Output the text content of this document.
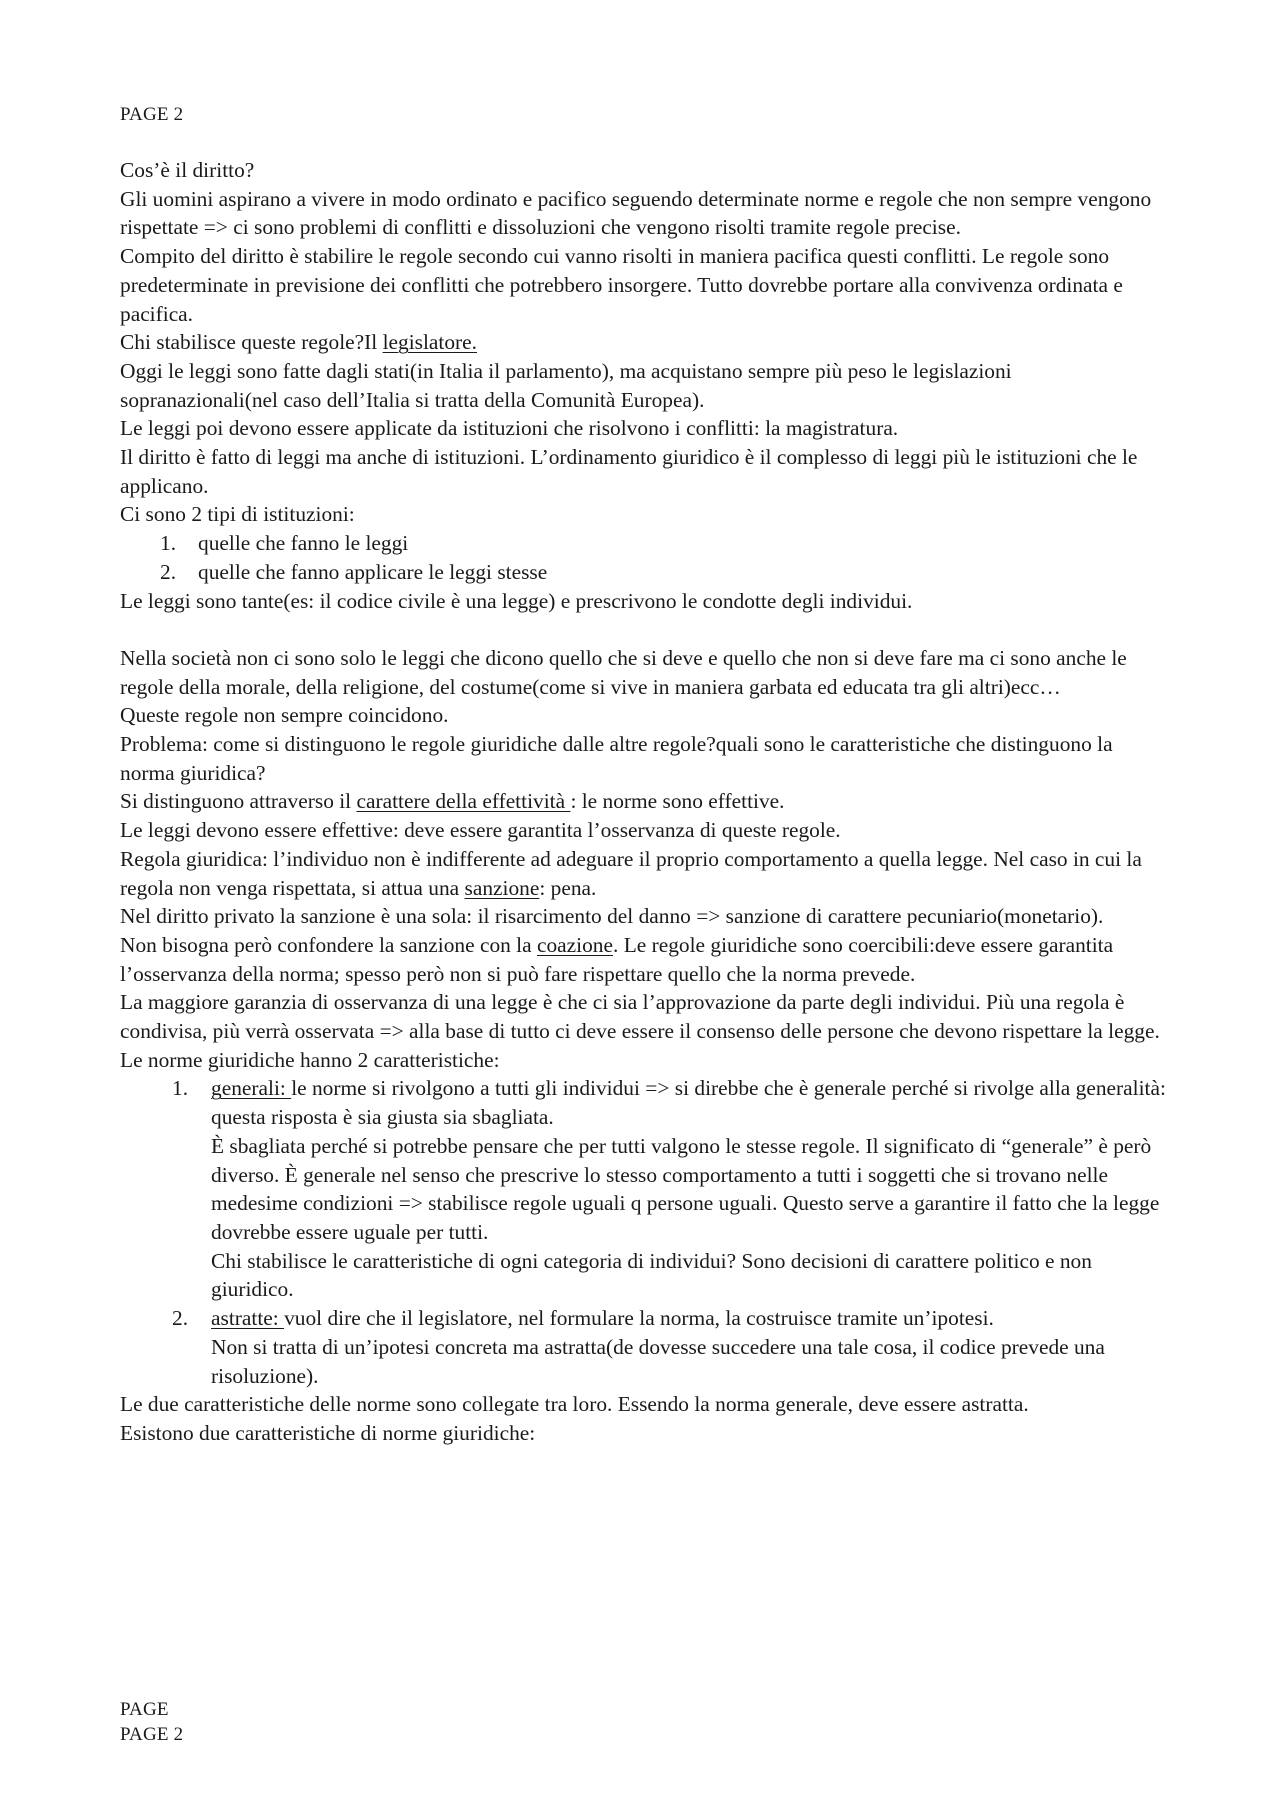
PAGE 2

Cos’è il diritto?

Gli uomini aspirano a vivere in modo ordinato e pacifico seguendo determinate norme e regole che non sempre vengono rispettate => ci sono problemi di conflitti e dissoluzioni che vengono risolti tramite regole precise.

Compito del diritto è stabilire le regole secondo cui vanno risolti in maniera pacifica questi conflitti. Le regole sono predeterminate in previsione dei conflitti che potrebbero insorgere. Tutto dovrebbe portare alla convivenza ordinata e pacifica.

Chi stabilisce queste regole?Il legislatore.

Oggi le leggi sono fatte dagli stati(in Italia il parlamento), ma acquistano sempre più peso le legislazioni sopranazionali(nel caso dell’Italia si tratta della Comunità Europea).

Le leggi poi devono essere applicate da istituzioni che risolvono i conflitti: la magistratura.

Il diritto è fatto di leggi ma anche di istituzioni. L’ordinamento giuridico è il complesso di leggi più le istituzioni che le applicano.

Ci sono 2 tipi di istituzioni:

1. quelle che fanno le leggi
2. quelle che fanno applicare le leggi stesse

Le leggi sono tante(es: il codice civile è una legge) e prescrivono le condotte degli individui.

Nella società non ci sono solo le leggi che dicono quello che si deve e quello che non si deve fare ma ci sono anche le regole della morale, della religione, del costume(come si vive in maniera garbata ed educata tra gli altri)ecc…

Queste regole non sempre coincidono.

Problema: come si distinguono le regole giuridiche dalle altre regole?quali sono le caratteristiche che distinguono la norma giuridica?

Si distinguono attraverso il carattere della effettività : le norme sono effettive.

Le leggi devono essere effettive: deve essere garantita l’osservanza di queste regole.

Regola giuridica: l’individuo non è indifferente ad adeguare il proprio comportamento a quella legge. Nel caso in cui la regola non venga rispettata, si attua una sanzione: pena.

Nel diritto privato la sanzione è una sola: il risarcimento del danno => sanzione di carattere pecuniario(monetario).

Non bisogna però confondere la sanzione con la coazione. Le regole giuridiche sono coercibili:deve essere garantita l’osservanza della norma; spesso però non si può fare rispettare quello che la norma prevede.

La maggiore garanzia di osservanza di una legge è che ci sia l’approvazione da parte degli individui. Più una regola è condivisa, più verrà osservata => alla base di tutto ci deve essere il consenso delle persone che devono rispettare la legge.

Le norme giuridiche hanno 2 caratteristiche:

1. generali: le norme si rivolgono a tutti gli individui => si direbbe che è generale perché si rivolge alla generalità: questa risposta è sia giusta sia sbagliata.

È sbagliata perché si potrebbe pensare che per tutti valgono le stesse regole. Il significato di “generale” è però diverso. È generale nel senso che prescrive lo stesso comportamento a tutti i soggetti che si trovano nelle medesime condizioni => stabilisce regole uguali q persone uguali. Questo serve a garantire il fatto che la legge dovrebbe essere uguale per tutti.

Chi stabilisce le caratteristiche di ogni categoria di individui? Sono decisioni di carattere politico e non giuridico.

2. astratte: vuol dire che il legislatore, nel formulare la norma, la costruisce tramite un’ipotesi.

Non si tratta di un’ipotesi concreta ma astratta(de dovesse succedere una tale cosa, il codice prevede una risoluzione).

Le due caratteristiche delle norme sono collegate tra loro. Essendo la norma generale, deve essere astratta.

Esistono due caratteristiche di norme giuridiche:

PAGE

PAGE 2
